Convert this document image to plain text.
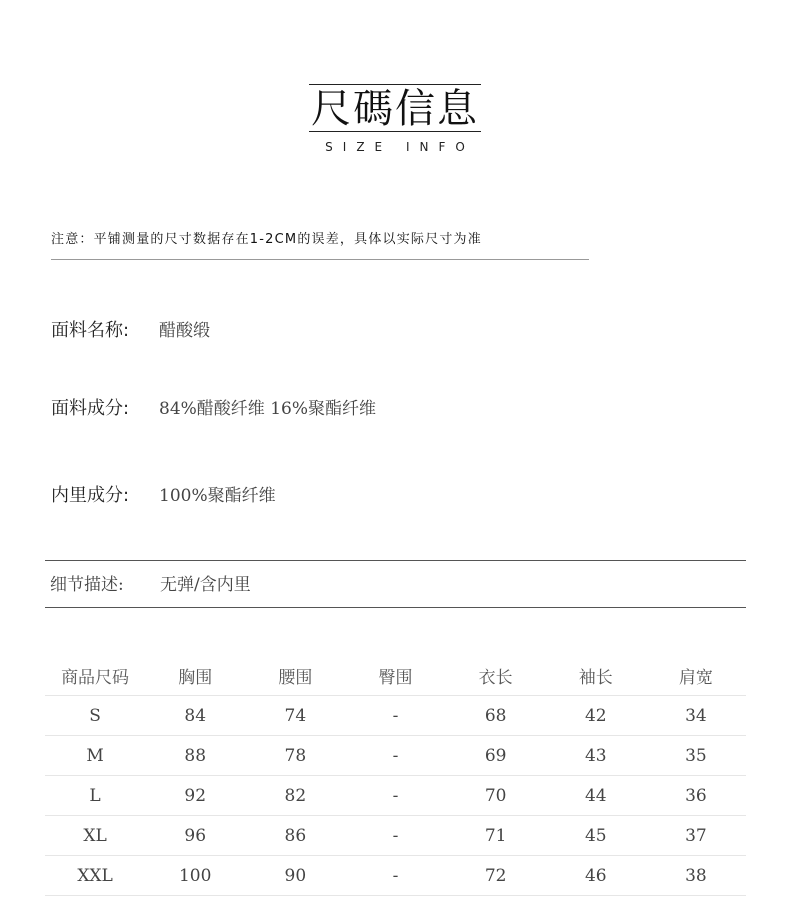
尺碼信息
SIZE INFO
注意：平铺测量的尺寸数据存在1-2CM的误差，具体以实际尺寸为准
面料名称: 醋酸缎
面料成分: 84%醋酸纤维 16%聚酯纤维
内里成分: 100%聚酯纤维
细节描述: 无弹/含内里
商品尺码	胸围	腰围	臀围	衣长	袖长	肩宽
S	84	74	-	68	42	34
M	88	78	-	69	43	35
L	92	82	-	70	44	36
XL	96	86	-	71	45	37
XXL	100	90	-	72	46	38
